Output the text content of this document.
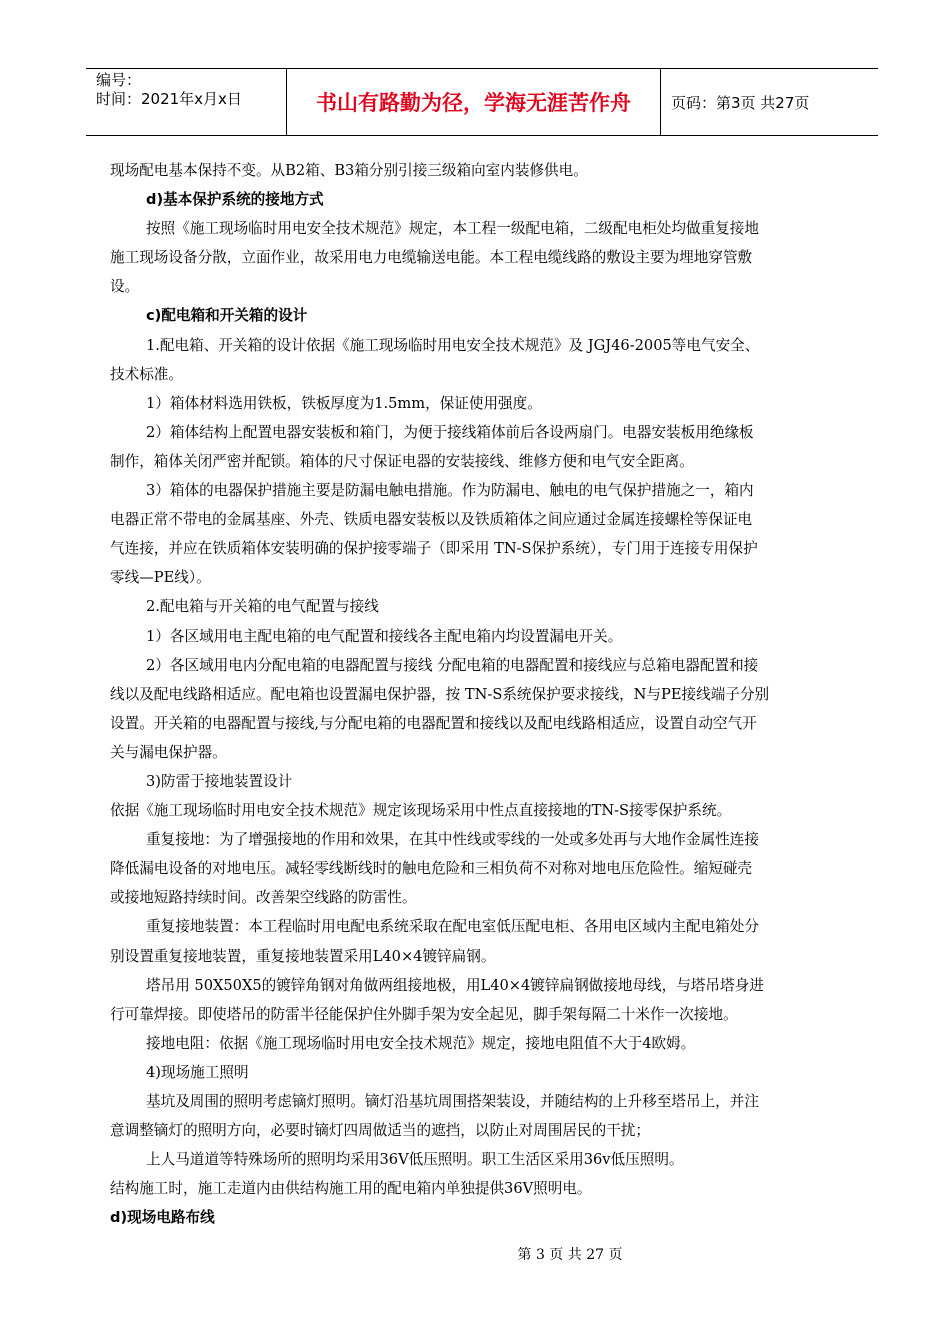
编号：
时间：2021年x月x日	书山有路勤为径，学海无涯苦作舟	页码：第3页 共27页

现场配电基本保持不变。从B2箱、B3箱分别引接三级箱向室内装修供电。

d)基本保护系统的接地方式

按照《施工现场临时用电安全技术规范》规定，本工程一级配电箱，二级配电柜处均做重复接地

施工现场设备分散，立面作业，故采用电力电缆输送电能。本工程电缆线路的敷设主要为埋地穿管敷

设。

c)配电箱和开关箱的设计

1.配电箱、开关箱的设计依据《施工现场临时用电安全技术规范》及 JGJ46-2005等电气安全、

技术标准。

1）箱体材料选用铁板，铁板厚度为1.5mm，保证使用强度。

2）箱体结构上配置电器安装板和箱门，为便于接线箱体前后各设两扇门。电器安装板用绝缘板

制作，箱体关闭严密并配锁。箱体的尺寸保证电器的安装接线、维修方便和电气安全距离。

3）箱体的电器保护措施主要是防漏电触电措施。作为防漏电、触电的电气保护措施之一，箱内

电器正常不带电的金属基座、外壳、铁质电器安装板以及铁质箱体之间应通过金属连接螺栓等保证电

气连接，并应在铁质箱体安装明确的保护接零端子（即采用 TN-S保护系统），专门用于连接专用保护

零线—PE线）。

2.配电箱与开关箱的电气配置与接线

1）各区域用电主配电箱的电气配置和接线各主配电箱内均设置漏电开关。

2）各区域用电内分配电箱的电器配置与接线 分配电箱的电器配置和接线应与总箱电器配置和接

线以及配电线路相适应。配电箱也设置漏电保护器，按 TN-S系统保护要求接线，N与PE接线端子分别

设置。开关箱的电器配置与接线,与分配电箱的电器配置和接线以及配电线路相适应，设置自动空气开

关与漏电保护器。

3)防雷于接地装置设计

依据《施工现场临时用电安全技术规范》规定该现场采用中性点直接接地的TN-S接零保护系统。

重复接地：为了增强接地的作用和效果，在其中性线或零线的一处或多处再与大地作金属性连接

降低漏电设备的对地电压。减轻零线断线时的触电危险和三相负荷不对称对地电压危险性。缩短碰壳

或接地短路持续时间。改善架空线路的防雷性。

重复接地装置：本工程临时用电配电系统采取在配电室低压配电柜、各用电区域内主配电箱处分

别设置重复接地装置，重复接地装置采用L40×4镀锌扁钢。

塔吊用 50X50X5的镀锌角钢对角做两组接地极，用L40×4镀锌扁钢做接地母线，与塔吊塔身进

行可靠焊接。即使塔吊的防雷半径能保护住外脚手架为安全起见，脚手架每隔二十米作一次接地。

接地电阻：依据《施工现场临时用电安全技术规范》规定，接地电阻值不大于4欧姆。

4)现场施工照明

基坑及周围的照明考虑镝灯照明。镝灯沿基坑周围搭架装设，并随结构的上升移至塔吊上，并注

意调整镝灯的照明方向，必要时镝灯四周做适当的遮挡，以防止对周围居民的干扰；

上人马道道等特殊场所的照明均采用36V低压照明。职工生活区采用36v低压照明。

结构施工时，施工走道内由供结构施工用的配电箱内单独提供36V照明电。

d)现场电路布线

第 3 页 共 27 页
